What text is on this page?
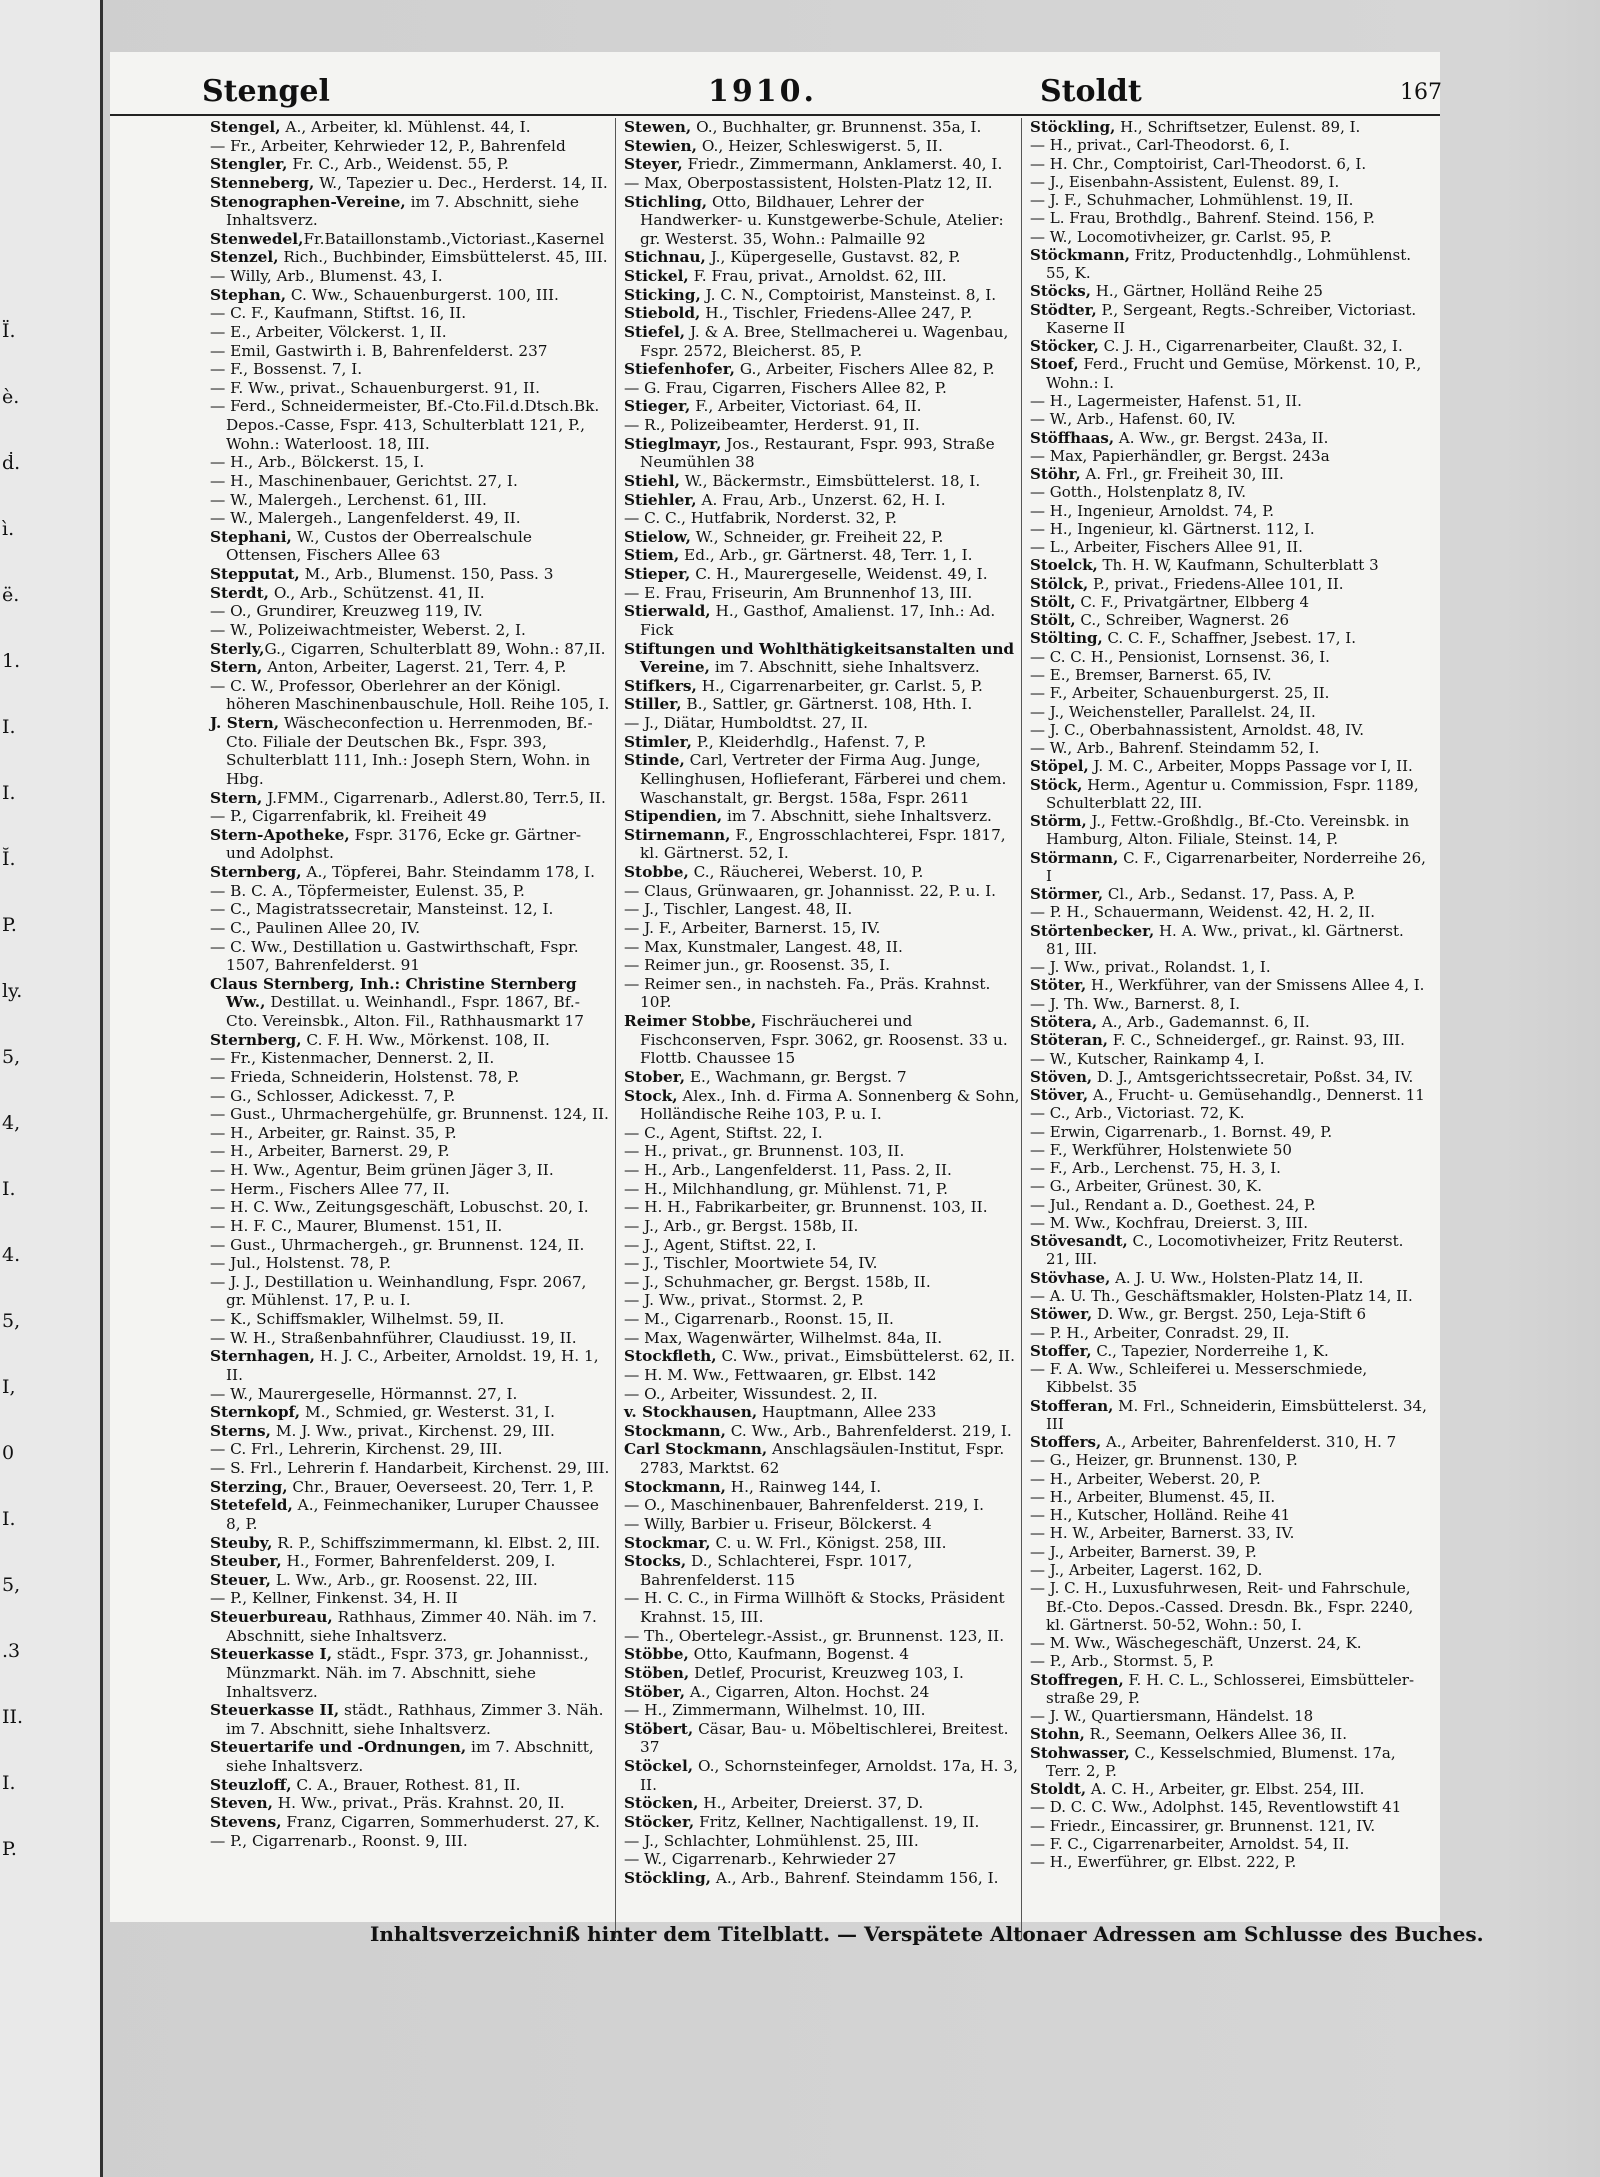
Ï.
è.
ḋ.
ì.
ë.
1.
I.
I.
Ĭ.
P.
ly.
5,
4,
I.
4.
5,
I,
0
I.
5,
.3
II.
I.
P.
Stengel	1910.	Stoldt	167

Stengel, A., Arbeiter, kl. Mühlenst. 44, I.

— Fr., Arbeiter, Kehrwieder 12, P., Bahrenfeld

Stengler, Fr. C., Arb., Weidenst. 55, P.

Stenneberg, W., Tapezier u. Dec., Herderst. 14, II.

Stenographen-Vereine, im 7. Abschnitt, siehe Inhaltsverz.

Stenwedel,Fr.Bataillonstamb.,Victoriast.,Kasernel

Stenzel, Rich., Buchbinder, Eimsbüttelerst. 45, III.

— Willy, Arb., Blumenst. 43, I.

Stephan, C. Ww., Schauenburgerst. 100, III.

— C. F., Kaufmann, Stiftst. 16, II.

— E., Arbeiter, Völckerst. 1, II.

— Emil, Gastwirth i. B, Bahrenfelderst. 237

— F., Bossenst. 7, I.

— F. Ww., privat., Schauenburgerst. 91, II.

— Ferd., Schneidermeister, Bf.-Cto.Fil.d.Dtsch.Bk. Depos.-Casse, Fspr. 413, Schulterblatt 121, P., Wohn.: Waterloost. 18, III.

— H., Arb., Bölckerst. 15, I.

— H., Maschinenbauer, Gerichtst. 27, I.

— W., Malergeh., Lerchenst. 61, III.

— W., Malergeh., Langenfelderst. 49, II.

Stephani, W., Custos der Oberrealschule Ottensen, Fischers Allee 63

Stepputat, M., Arb., Blumenst. 150, Pass. 3

Sterdt, O., Arb., Schützenst. 41, II.

— O., Grundirer, Kreuzweg 119, IV.

— W., Polizeiwachtmeister, Weberst. 2, I.

Sterly,G., Cigarren, Schulterblatt 89, Wohn.: 87,II.

Stern, Anton, Arbeiter, Lagerst. 21, Terr. 4, P.

— C. W., Professor, Oberlehrer an der Königl. höheren Maschinenbauschule, Holl. Reihe 105, I.

J. Stern, Wäscheconfection u. Herrenmoden, Bf.-Cto. Filiale der Deutschen Bk., Fspr. 393, Schulterblatt 111, Inh.: Joseph Stern, Wohn. in Hbg.

Stern, J.FMM., Cigarrenarb., Adlerst.80, Terr.5, II.

— P., Cigarrenfabrik, kl. Freiheit 49

Stern-Apotheke, Fspr. 3176, Ecke gr. Gärtner- und Adolphst.

Sternberg, A., Töpferei, Bahr. Steindamm 178, I.

— B. C. A., Töpfermeister, Eulenst. 35, P.

— C., Magistratssecretair, Mansteinst. 12, I.

— C., Paulinen Allee 20, IV.

— C. Ww., Destillation u. Gastwirthschaft, Fspr. 1507, Bahrenfelderst. 91

Claus Sternberg, Inh.: Christine Sternberg Ww., Destillat. u. Weinhandl., Fspr. 1867, Bf.-Cto. Vereinsbk., Alton. Fil., Rathhausmarkt 17

Sternberg, C. F. H. Ww., Mörkenst. 108, II.

— Fr., Kistenmacher, Dennerst. 2, II.

— Frieda, Schneiderin, Holstenst. 78, P.

— G., Schlosser, Adickesst. 7, P.

— Gust., Uhrmachergehülfe, gr. Brunnenst. 124, II.

— H., Arbeiter, gr. Rainst. 35, P.

— H., Arbeiter, Barnerst. 29, P.

— H. Ww., Agentur, Beim grünen Jäger 3, II.

— Herm., Fischers Allee 77, II.

— H. C. Ww., Zeitungsgeschäft, Lobuschst. 20, I.

— H. F. C., Maurer, Blumenst. 151, II.

— Gust., Uhrmachergeh., gr. Brunnenst. 124, II.

— Jul., Holstenst. 78, P.

— J. J., Destillation u. Weinhandlung, Fspr. 2067, gr. Mühlenst. 17, P. u. I.

— K., Schiffsmakler, Wilhelmst. 59, II.

— W. H., Straßenbahnführer, Claudiusst. 19, II.

Sternhagen, H. J. C., Arbeiter, Arnoldst. 19, H. 1, II.

— W., Maurergeselle, Hörmannst. 27, I.

Sternkopf, M., Schmied, gr. Westerst. 31, I.

Sterns, M. J. Ww., privat., Kirchenst. 29, III.

— C. Frl., Lehrerin, Kirchenst. 29, III.

— S. Frl., Lehrerin f. Handarbeit, Kirchenst. 29, III.

Sterzing, Chr., Brauer, Oeverseest. 20, Terr. 1, P.

Stetefeld, A., Feinmechaniker, Luruper Chaussee 8, P.

Steuby, R. P., Schiffszimmermann, kl. Elbst. 2, III.

Steuber, H., Former, Bahrenfelderst. 209, I.

Steuer, L. Ww., Arb., gr. Roosenst. 22, III.

— P., Kellner, Finkenst. 34, H. II

Steuerbureau, Rathhaus, Zimmer 40. Näh. im 7. Abschnitt, siehe Inhaltsverz.

Steuerkasse I, städt., Fspr. 373, gr. Johannisst., Münzmarkt. Näh. im 7. Abschnitt, siehe Inhaltsverz.

Steuerkasse II, städt., Rathhaus, Zimmer 3. Näh. im 7. Abschnitt, siehe Inhaltsverz.

Steuertarife und -Ordnungen, im 7. Abschnitt, siehe Inhaltsverz.

Steuzloff, C. A., Brauer, Rothest. 81, II.

Steven, H. Ww., privat., Präs. Krahnst. 20, II.

Stevens, Franz, Cigarren, Sommerhuderst. 27, K.

— P., Cigarrenarb., Roonst. 9, III.

Stewen, O., Buchhalter, gr. Brunnenst. 35a, I.

Stewien, O., Heizer, Schleswigerst. 5, II.

Steyer, Friedr., Zimmermann, Anklamerst. 40, I.

— Max, Oberpostassistent, Holsten-Platz 12, II.

Stichling, Otto, Bildhauer, Lehrer der Handwerker- u. Kunstgewerbe-Schule, Atelier: gr. Westerst. 35, Wohn.: Palmaille 92

Stichnau, J., Küpergeselle, Gustavst. 82, P.

Stickel, F. Frau, privat., Arnoldst. 62, III.

Sticking, J. C. N., Comptoirist, Mansteinst. 8, I.

Stiebold, H., Tischler, Friedens-Allee 247, P.

Stiefel, J. & A. Bree, Stellmacherei u. Wagenbau, Fspr. 2572, Bleicherst. 85, P.

Stiefenhofer, G., Arbeiter, Fischers Allee 82, P.

— G. Frau, Cigarren, Fischers Allee 82, P.

Stieger, F., Arbeiter, Victoriast. 64, II.

— R., Polizeibeamter, Herderst. 91, II.

Stieglmayr, Jos., Restaurant, Fspr. 993, Straße Neumühlen 38

Stiehl, W., Bäckermstr., Eimsbüttelerst. 18, I.

Stiehler, A. Frau, Arb., Unzerst. 62, H. I.

— C. C., Hutfabrik, Norderst. 32, P.

Stielow, W., Schneider, gr. Freiheit 22, P.

Stiem, Ed., Arb., gr. Gärtnerst. 48, Terr. 1, I.

Stieper, C. H., Maurergeselle, Weidenst. 49, I.

— E. Frau, Friseurin, Am Brunnenhof 13, III.

Stierwald, H., Gasthof, Amalienst. 17, Inh.: Ad. Fick

Stiftungen und Wohlthätigkeitsanstalten und Vereine, im 7. Abschnitt, siehe Inhaltsverz.

Stifkers, H., Cigarrenarbeiter, gr. Carlst. 5, P.

Stiller, B., Sattler, gr. Gärtnerst. 108, Hth. I.

— J., Diätar, Humboldtst. 27, II.

Stimler, P., Kleiderhdlg., Hafenst. 7, P.

Stinde, Carl, Vertreter der Firma Aug. Junge, Kellinghusen, Hoflieferant, Färberei und chem. Waschanstalt, gr. Bergst. 158a, Fspr. 2611

Stipendien, im 7. Abschnitt, siehe Inhaltsverz.

Stirnemann, F., Engrosschlachterei, Fspr. 1817, kl. Gärtnerst. 52, I.

Stobbe, C., Räucherei, Weberst. 10, P.

— Claus, Grünwaaren, gr. Johannisst. 22, P. u. I.

— J., Tischler, Langest. 48, II.

— J. F., Arbeiter, Barnerst. 15, IV.

— Max, Kunstmaler, Langest. 48, II.

— Reimer jun., gr. Roosenst. 35, I.

— Reimer sen., in nachsteh. Fa., Präs. Krahnst. 10P.

Reimer Stobbe, Fischräucherei und Fischconserven, Fspr. 3062, gr. Roosenst. 33 u. Flottb. Chaussee 15

Stober, E., Wachmann, gr. Bergst. 7

Stock, Alex., Inh. d. Firma A. Sonnenberg & Sohn, Holländische Reihe 103, P. u. I.

— C., Agent, Stiftst. 22, I.

— H., privat., gr. Brunnenst. 103, II.

— H., Arb., Langenfelderst. 11, Pass. 2, II.

— H., Milchhandlung, gr. Mühlenst. 71, P.

— H. H., Fabrikarbeiter, gr. Brunnenst. 103, II.

— J., Arb., gr. Bergst. 158b, II.

— J., Agent, Stiftst. 22, I.

— J., Tischler, Moortwiete 54, IV.

— J., Schuhmacher, gr. Bergst. 158b, II.

— J. Ww., privat., Stormst. 2, P.

— M., Cigarrenarb., Roonst. 15, II.

— Max, Wagenwärter, Wilhelmst. 84a, II.

Stockfleth, C. Ww., privat., Eimsbüttelerst. 62, II.

— H. M. Ww., Fettwaaren, gr. Elbst. 142

— O., Arbeiter, Wissundest. 2, II.

v. Stockhausen, Hauptmann, Allee 233

Stockmann, C. Ww., Arb., Bahrenfelderst. 219, I.

Carl Stockmann, Anschlagsäulen-Institut, Fspr. 2783, Marktst. 62

Stockmann, H., Rainweg 144, I.

— O., Maschinenbauer, Bahrenfelderst. 219, I.

— Willy, Barbier u. Friseur, Bölckerst. 4

Stockmar, C. u. W. Frl., Königst. 258, III.

Stocks, D., Schlachterei, Fspr. 1017, Bahrenfelderst. 115

— H. C. C., in Firma Willhöft & Stocks, Präsident Krahnst. 15, III.

— Th., Obertelegr.-Assist., gr. Brunnenst. 123, II.

Stöbbe, Otto, Kaufmann, Bogenst. 4

Stöben, Detlef, Procurist, Kreuzweg 103, I.

Stöber, A., Cigarren, Alton. Hochst. 24

— H., Zimmermann, Wilhelmst. 10, III.

Stöbert, Cäsar, Bau- u. Möbeltischlerei, Breitest. 37

Stöckel, O., Schornsteinfeger, Arnoldst. 17a, H. 3, II.

Stöcken, H., Arbeiter, Dreierst. 37, D.

Stöcker, Fritz, Kellner, Nachtigallenst. 19, II.

— J., Schlachter, Lohmühlenst. 25, III.

— W., Cigarrenarb., Kehrwieder 27

Stöckling, A., Arb., Bahrenf. Steindamm 156, I.

Stöckling, H., Schriftsetzer, Eulenst. 89, I.

— H., privat., Carl-Theodorst. 6, I.

— H. Chr., Comptoirist, Carl-Theodorst. 6, I.

— J., Eisenbahn-Assistent, Eulenst. 89, I.

— J. F., Schuhmacher, Lohmühlenst. 19, II.

— L. Frau, Brothdlg., Bahrenf. Steind. 156, P.

— W., Locomotivheizer, gr. Carlst. 95, P.

Stöckmann, Fritz, Productenhdlg., Lohmühlenst. 55, K.

Stöcks, H., Gärtner, Holländ Reihe 25

Stödter, P., Sergeant, Regts.-Schreiber, Victoriast. Kaserne II

Stöcker, C. J. H., Cigarrenarbeiter, Claußt. 32, I.

Stoef, Ferd., Frucht und Gemüse, Mörkenst. 10, P., Wohn.: I.

— H., Lagermeister, Hafenst. 51, II.

— W., Arb., Hafenst. 60, IV.

Stöffhaas, A. Ww., gr. Bergst. 243a, II.

— Max, Papierhändler, gr. Bergst. 243a

Stöhr, A. Frl., gr. Freiheit 30, III.

— Gotth., Holstenplatz 8, IV.

— H., Ingenieur, Arnoldst. 74, P.

— H., Ingenieur, kl. Gärtnerst. 112, I.

— L., Arbeiter, Fischers Allee 91, II.

Stoelck, Th. H. W, Kaufmann, Schulterblatt 3

Stölck, P., privat., Friedens-Allee 101, II.

Stölt, C. F., Privatgärtner, Elbberg 4

Stölt, C., Schreiber, Wagnerst. 26

Stölting, C. C. F., Schaffner, Jsebest. 17, I.

— C. C. H., Pensionist, Lornsenst. 36, I.

— E., Bremser, Barnerst. 65, IV.

— F., Arbeiter, Schauenburgerst. 25, II.

— J., Weichensteller, Parallelst. 24, II.

— J. C., Oberbahnassistent, Arnoldst. 48, IV.

— W., Arb., Bahrenf. Steindamm 52, I.

Stöpel, J. M. C., Arbeiter, Mopps Passage vor I, II.

Stöck, Herm., Agentur u. Commission, Fspr. 1189, Schulterblatt 22, III.

Störm, J., Fettw.-Großhdlg., Bf.-Cto. Vereinsbk. in Hamburg, Alton. Filiale, Steinst. 14, P.

Störmann, C. F., Cigarrenarbeiter, Norderreihe 26, I

Störmer, Cl., Arb., Sedanst. 17, Pass. A, P.

— P. H., Schauermann, Weidenst. 42, H. 2, II.

Störtenbecker, H. A. Ww., privat., kl. Gärtnerst. 81, III.

— J. Ww., privat., Rolandst. 1, I.

Stöter, H., Werkführer, van der Smissens Allee 4, I.

— J. Th. Ww., Barnerst. 8, I.

Stötera, A., Arb., Gademannst. 6, II.

Stöteran, F. C., Schneidergef., gr. Rainst. 93, III.

— W., Kutscher, Rainkamp 4, I.

Stöven, D. J., Amtsgerichtssecretair, Poßst. 34, IV.

Stöver, A., Frucht- u. Gemüsehandlg., Dennerst. 11

— C., Arb., Victoriast. 72, K.

— Erwin, Cigarrenarb., 1. Bornst. 49, P.

— F., Werkführer, Holstenwiete 50

— F., Arb., Lerchenst. 75, H. 3, I.

— G., Arbeiter, Grünest. 30, K.

— Jul., Rendant a. D., Goethest. 24, P.

— M. Ww., Kochfrau, Dreierst. 3, III.

Stövesandt, C., Locomotivheizer, Fritz Reuterst. 21, III.

Stövhase, A. J. U. Ww., Holsten-Platz 14, II.

— A. U. Th., Geschäftsmakler, Holsten-Platz 14, II.

Stöwer, D. Ww., gr. Bergst. 250, Leja-Stift 6

— P. H., Arbeiter, Conradst. 29, II.

Stoffer, C., Tapezier, Norderreihe 1, K.

— F. A. Ww., Schleiferei u. Messerschmiede, Kibbelst. 35

Stofferan, M. Frl., Schneiderin, Eimsbüttelerst. 34, III

Stoffers, A., Arbeiter, Bahrenfelderst. 310, H. 7

— G., Heizer, gr. Brunnenst. 130, P.

— H., Arbeiter, Weberst. 20, P.

— H., Arbeiter, Blumenst. 45, II.

— H., Kutscher, Holländ. Reihe 41

— H. W., Arbeiter, Barnerst. 33, IV.

— J., Arbeiter, Barnerst. 39, P.

— J., Arbeiter, Lagerst. 162, D.

— J. C. H., Luxusfuhrwesen, Reit- und Fahrschule, Bf.-Cto. Depos.-Cassed. Dresdn. Bk., Fspr. 2240, kl. Gärtnerst. 50-52, Wohn.: 50, I.

— M. Ww., Wäschegeschäft, Unzerst. 24, K.

— P., Arb., Stormst. 5, P.

Stoffregen, F. H. C. L., Schlosserei, Eimsbütteler-straße 29, P.

— J. W., Quartiersmann, Händelst. 18

Stohn, R., Seemann, Oelkers Allee 36, II.

Stohwasser, C., Kesselschmied, Blumenst. 17a, Terr. 2, P.

Stoldt, A. C. H., Arbeiter, gr. Elbst. 254, III.

— D. C. C. Ww., Adolphst. 145, Reventlowstift 41

— Friedr., Eincassirer, gr. Brunnenst. 121, IV.

— F. C., Cigarrenarbeiter, Arnoldst. 54, II.

— H., Ewerführer, gr. Elbst. 222, P.

Inhaltsverzeichniß hinter dem Titelblatt. — Verspätete Altonaer Adressen am Schlusse des Buches.
